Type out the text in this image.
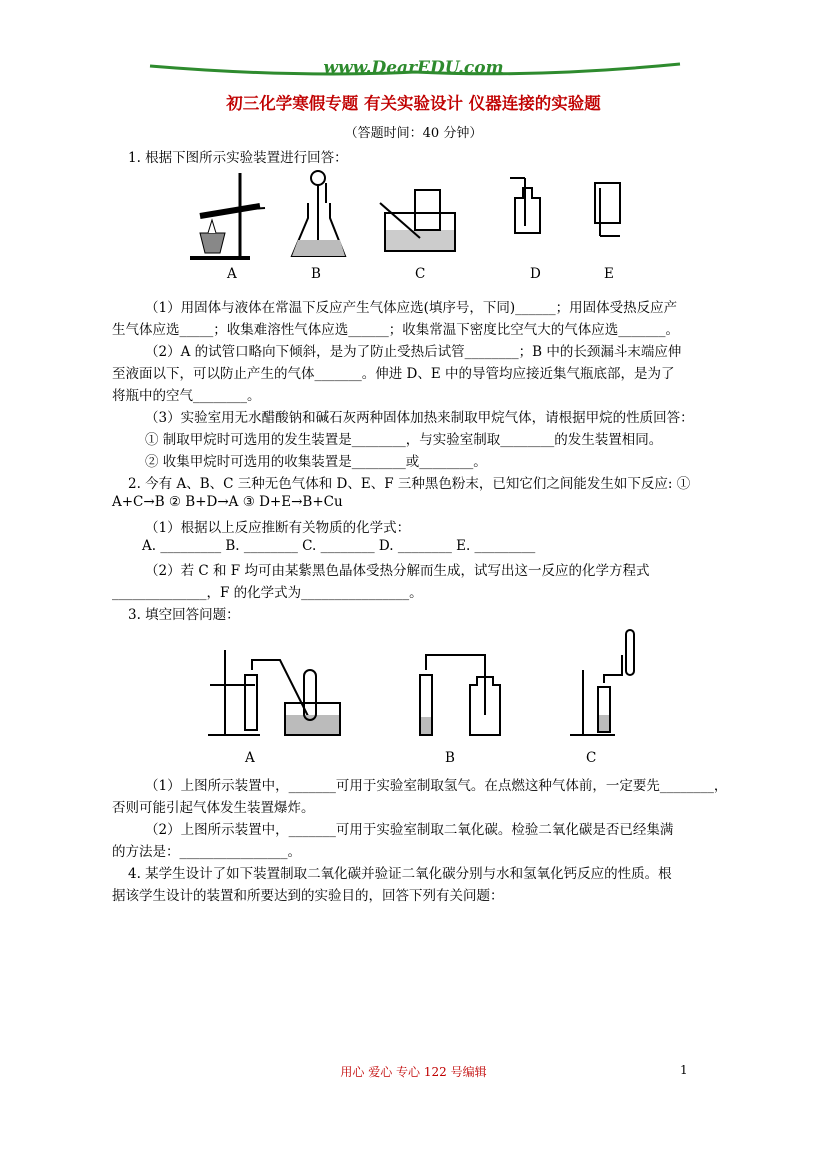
www.DearEDU.com
初三化学寒假专题 有关实验设计 仪器连接的实验题
（答题时间：40 分钟）
1. 根据下图所示实验装置进行回答：
A	B	C	D	E
（1）用固体与液体在常温下反应产生气体应选(填序号，下同)______；用固体受热反应产
生气体应选_____；收集难溶性气体应选______；收集常温下密度比空气大的气体应选_______。
（2）A 的试管口略向下倾斜，是为了防止受热后试管________；B 中的长颈漏斗末端应伸
至液面以下，可以防止产生的气体_______。伸进 D、E 中的导管均应接近集气瓶底部，是为了
将瓶中的空气________。
（3）实验室用无水醋酸钠和碱石灰两种固体加热来制取甲烷气体，请根据甲烷的性质回答：
① 制取甲烷时可选用的发生装置是________，与实验室制取________的发生装置相同。
② 收集甲烷时可选用的收集装置是________或________。
2. 今有 A、B、C 三种无色气体和 D、E、F 三种黑色粉末，已知它们之间能发生如下反应: ①
A+C→B ② B+D→A ③ D+E→B+Cu
（1）根据以上反应推断有关物质的化学式：
A. _________ B. ________ C. ________ D. ________ E. _________
（2）若 C 和 F 均可由某紫黑色晶体受热分解而生成，试写出这一反应的化学方程式
______________，F 的化学式为________________。
3. 填空回答问题：
A	B	C
（1）上图所示装置中，_______可用于实验室制取氢气。在点燃这种气体前，一定要先________，
否则可能引起气体发生装置爆炸。
（2）上图所示装置中，_______可用于实验室制取二氧化碳。检验二氧化碳是否已经集满
的方法是：________________。
4. 某学生设计了如下装置制取二氧化碳并验证二氧化碳分别与水和氢氧化钙反应的性质。根
据该学生设计的装置和所要达到的实验目的，回答下列有关问题：
用心 爱心 专心 122 号编辑	1
